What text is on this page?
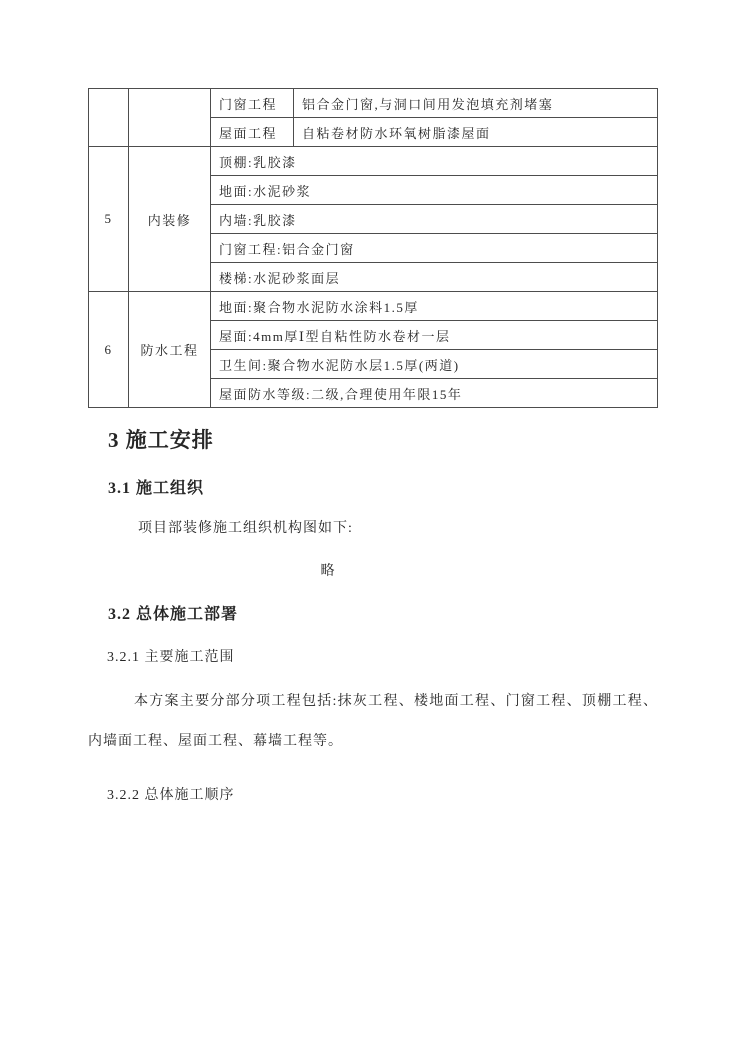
		门窗工程	铝合金门窗,与洞口间用发泡填充剂堵塞
		屋面工程	自粘卷材防水环氧树脂漆屋面
5	内装修	顶棚:乳胶漆	
		地面:水泥砂浆	
		内墙:乳胶漆	
		门窗工程:铝合金门窗	
		楼梯:水泥砂浆面层	
6	防水工程	地面:聚合物水泥防水涂料1.5厚	
		屋面:4mm厚Ⅰ型自粘性防水卷材一层	
		卫生间:聚合物水泥防水层1.5厚(两道)	
		屋面防水等级:二级,合理使用年限15年	
3 施工安排
3.1 施工组织
项目部装修施工组织机构图如下:
略
3.2 总体施工部署
3.2.1 主要施工范围
本方案主要分部分项工程包括:抹灰工程、楼地面工程、门窗工程、顶棚工程、内墙面工程、屋面工程、幕墙工程等。
3.2.2 总体施工顺序
